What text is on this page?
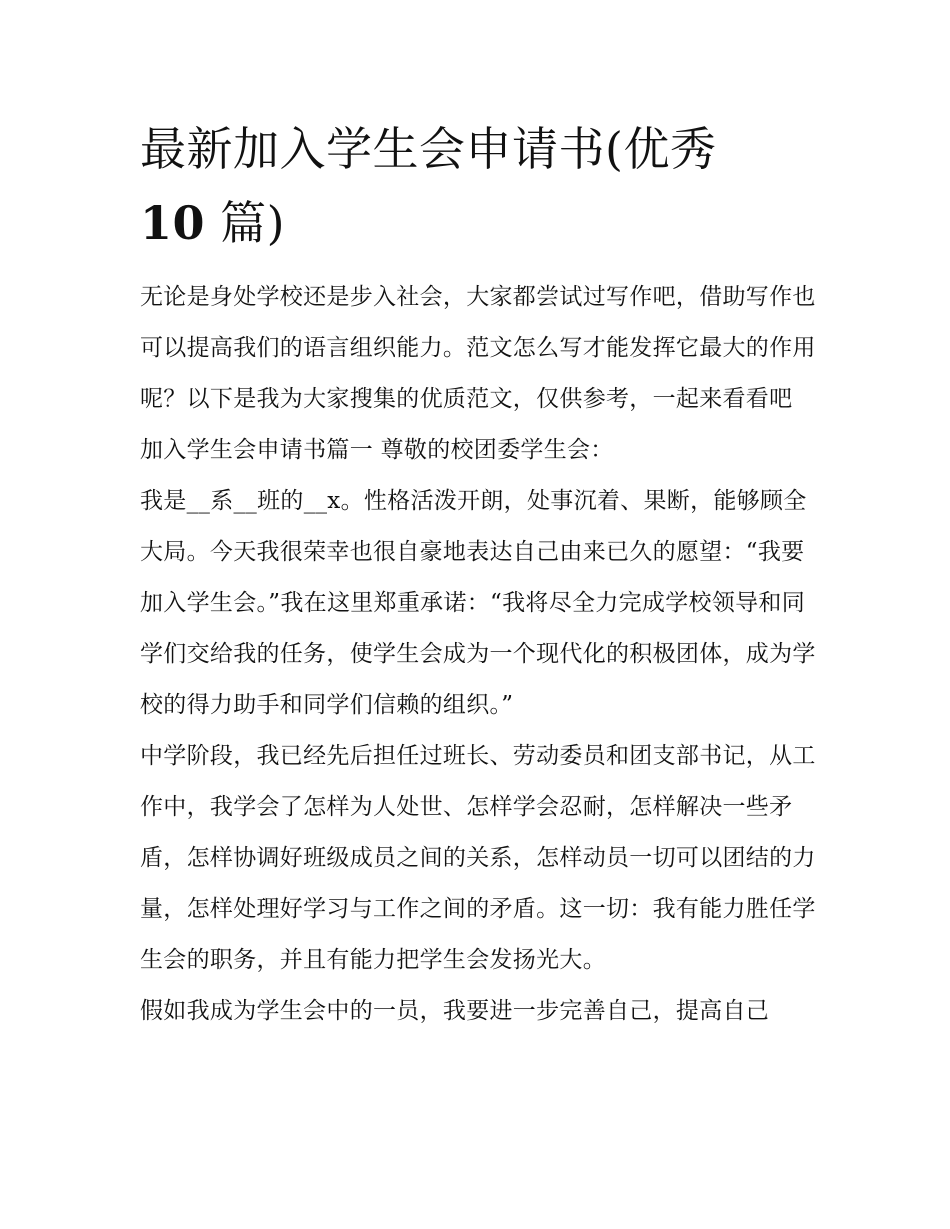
最新加入学生会申请书(优秀
10 篇)

无论是身处学校还是步入社会，大家都尝试过写作吧，借助写作也可以提高我们的语言组织能力。范文怎么写才能发挥它最大的作用呢？以下是我为大家搜集的优质范文，仅供参考，一起来看看吧

加入学生会申请书篇一 尊敬的校团委学生会：

我是__系__班的__x。性格活泼开朗，处事沉着、果断，能够顾全大局。今天我很荣幸也很自豪地表达自己由来已久的愿望：“我要加入学生会。”我在这里郑重承诺：“我将尽全力完成学校领导和同学们交给我的任务，使学生会成为一个现代化的积极团体，成为学校的得力助手和同学们信赖的组织。”

中学阶段，我已经先后担任过班长、劳动委员和团支部书记，从工作中，我学会了怎样为人处世、怎样学会忍耐，怎样解决一些矛盾，怎样协调好班级成员之间的关系，怎样动员一切可以团结的力量，怎样处理好学习与工作之间的矛盾。这一切：我有能力胜任学生会的职务，并且有能力把学生会发扬光大。

假如我成为学生会中的一员，我要进一步完善自己，提高自己
